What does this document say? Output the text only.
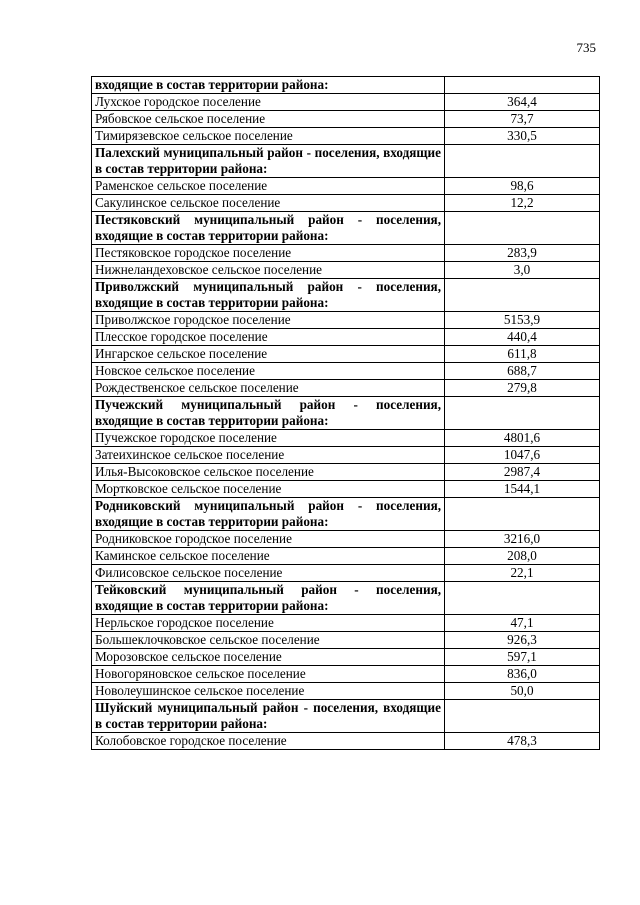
735
входящие в состав территории района:	
Лухское городское поселение	364,4
Рябовское сельское поселение	73,7
Тимирязевское сельское поселение	330,5
Палехский муниципальный район - поселения, входящие в состав территории района:	
Раменское сельское поселение	98,6
Сакулинское сельское поселение	12,2
Пестяковский муниципальный район - поселения, входящие в состав территории района:	
Пестяковское городское поселение	283,9
Нижнеландеховское сельское поселение	3,0
Приволжский муниципальный район - поселения, входящие в состав территории района:	
Приволжское городское поселение	5153,9
Плесское городское поселение	440,4
Ингарское сельское поселение	611,8
Новское сельское поселение	688,7
Рождественское сельское поселение	279,8
Пучежский муниципальный район - поселения, входящие в состав территории района:	
Пучежское городское поселение	4801,6
Затеихинское сельское поселение	1047,6
Илья-Высоковское сельское поселение	2987,4
Мортковское сельское поселение	1544,1
Родниковский муниципальный район - поселения, входящие в состав территории района:	
Родниковское городское поселение	3216,0
Каминское сельское поселение	208,0
Филисовское сельское поселение	22,1
Тейковский муниципальный район - поселения, входящие в состав территории района:	
Нерльское городское поселение	47,1
Большеклочковское сельское поселение	926,3
Морозовское сельское поселение	597,1
Новогоряновское сельское поселение	836,0
Новолеушинское сельское поселение	50,0
Шуйский муниципальный район - поселения, входящие в состав территории района:	
Колобовское городское поселение	478,3
